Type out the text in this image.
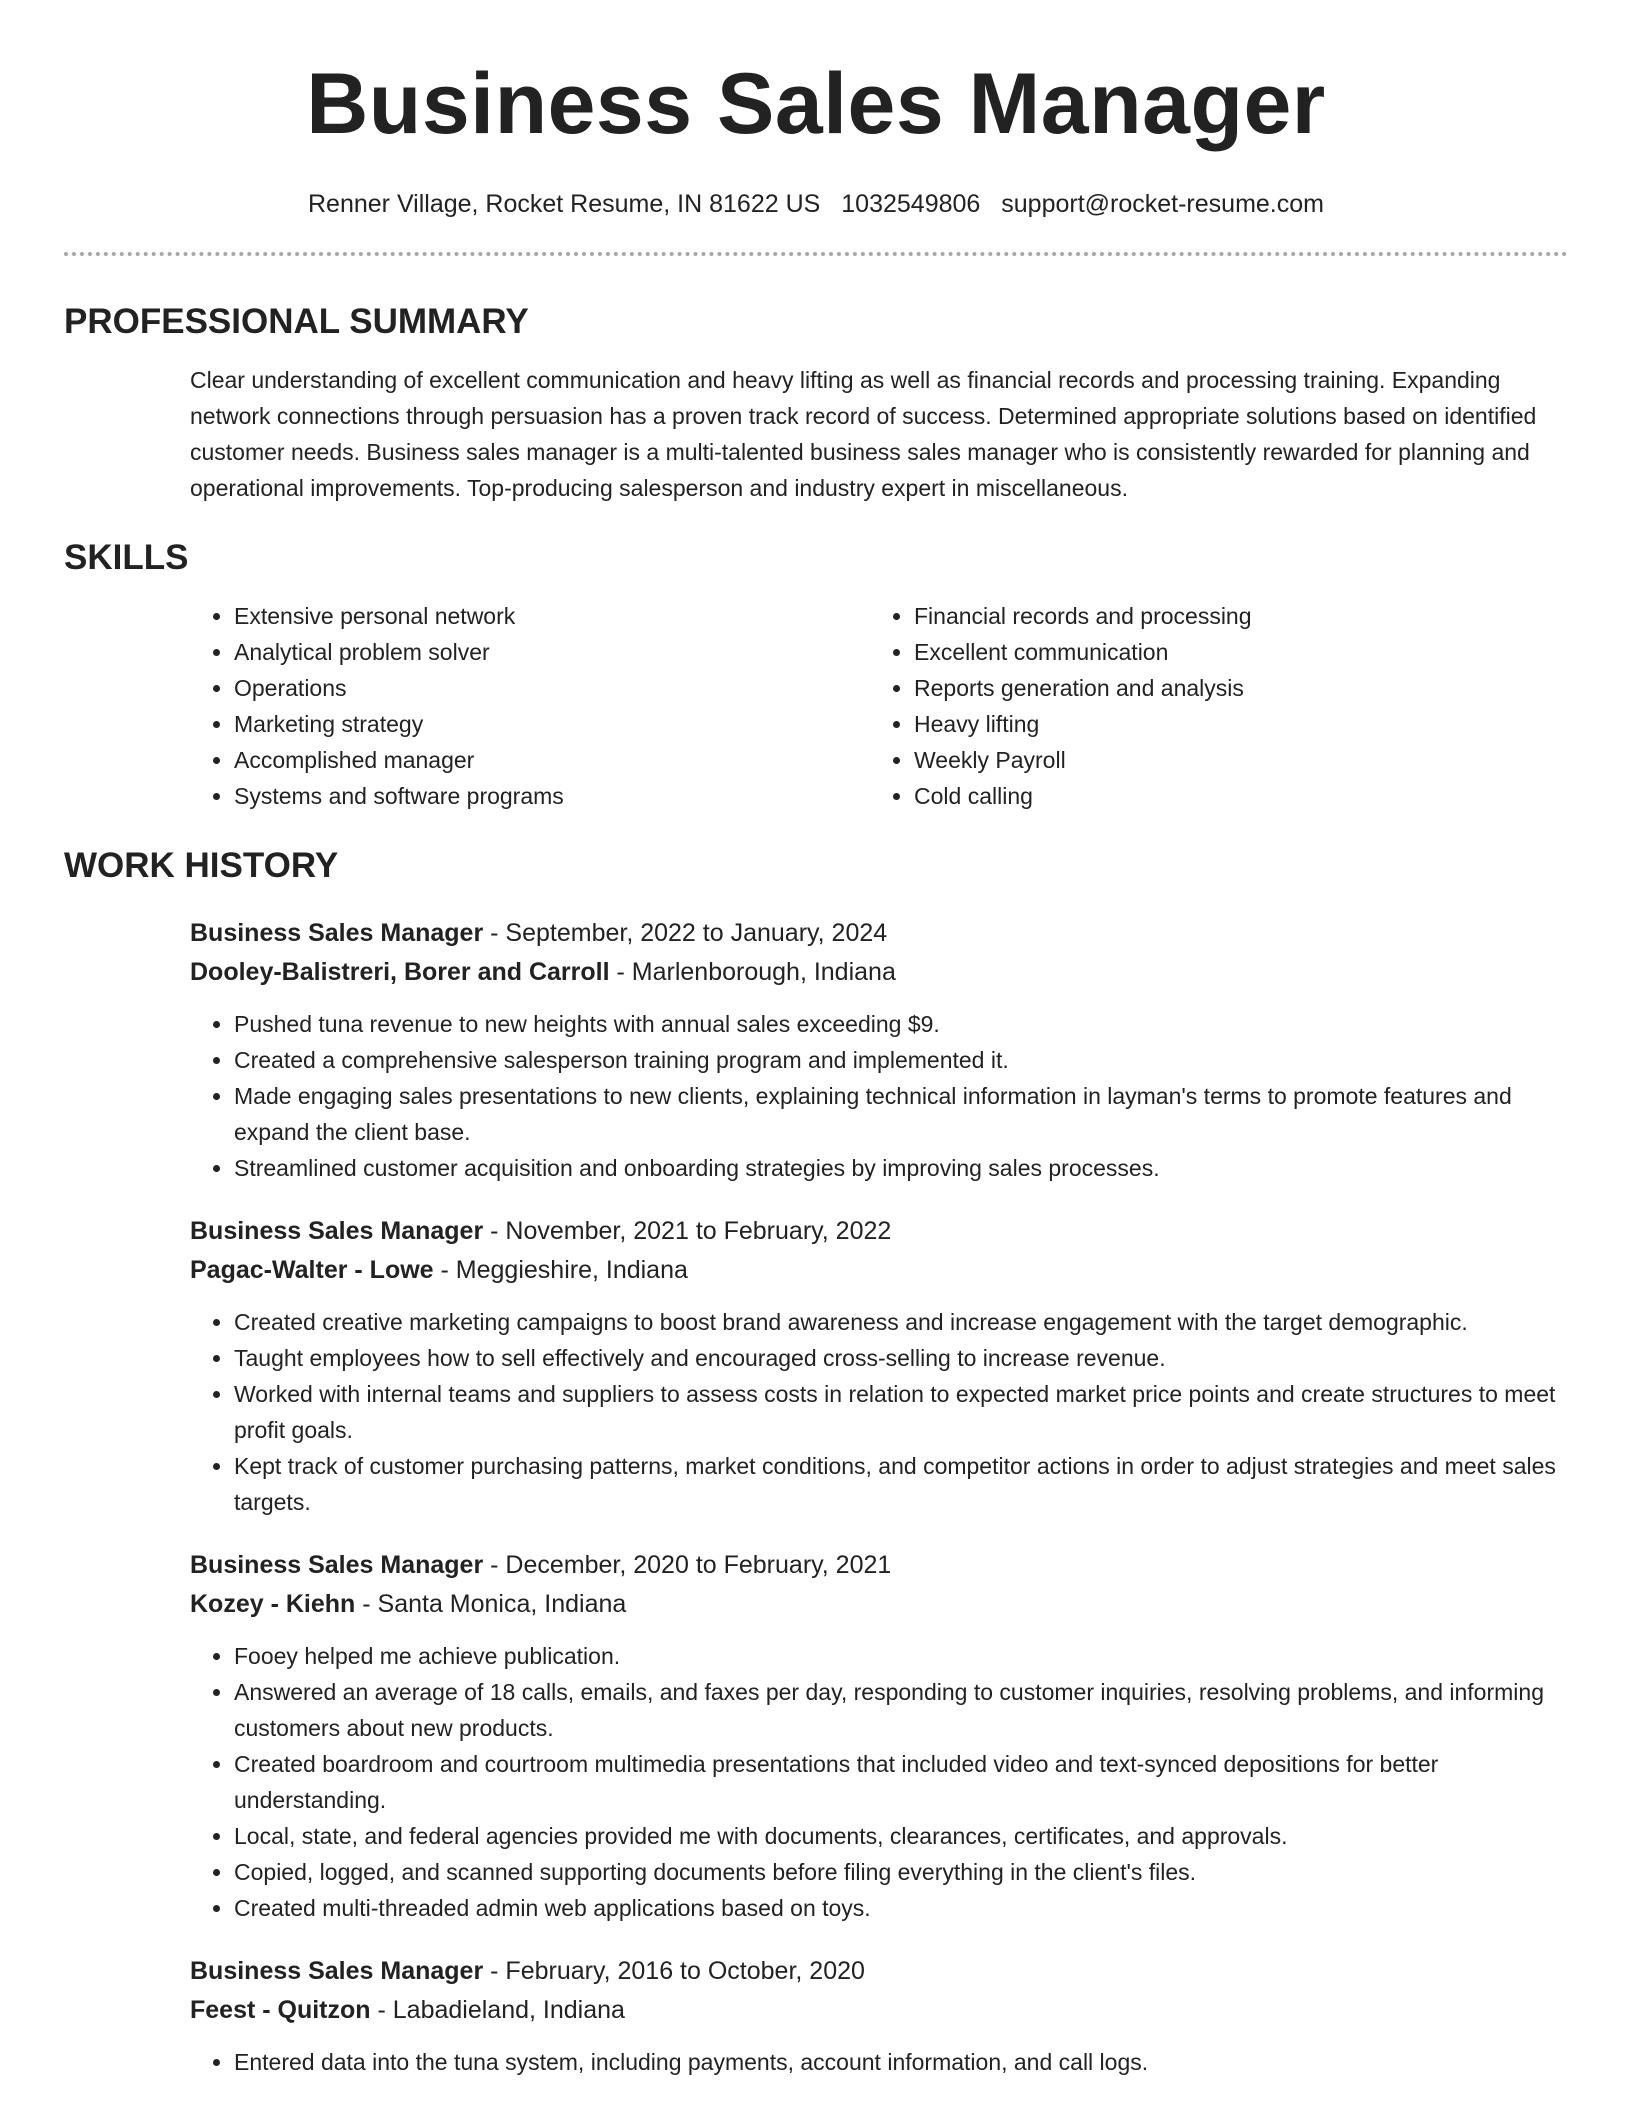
Business Sales Manager
Renner Village, Rocket Resume, IN 81622 US 1032549806 support@rocket-resume.com
PROFESSIONAL SUMMARY

Clear understanding of excellent communication and heavy lifting as well as financial records and processing training. Expanding network connections through persuasion has a proven track record of success. Determined appropriate solutions based on identified customer needs. Business sales manager is a multi-talented business sales manager who is consistently rewarded for planning and operational improvements. Top-producing salesperson and industry expert in miscellaneous.

SKILLS
• Extensive personal network
• Analytical problem solver
• Operations
• Marketing strategy
• Accomplished manager
• Systems and software programs
• Financial records and processing
• Excellent communication
• Reports generation and analysis
• Heavy lifting
• Weekly Payroll
• Cold calling
WORK HISTORY
Business Sales Manager - September, 2022 to January, 2024
Dooley-Balistreri, Borer and Carroll - Marlenborough, Indiana
• Pushed tuna revenue to new heights with annual sales exceeding $9.
• Created a comprehensive salesperson training program and implemented it.
• Made engaging sales presentations to new clients, explaining technical information in layman's terms to promote features and expand the client base.
• Streamlined customer acquisition and onboarding strategies by improving sales processes.
Business Sales Manager - November, 2021 to February, 2022
Pagac-Walter - Lowe - Meggieshire, Indiana
• Created creative marketing campaigns to boost brand awareness and increase engagement with the target demographic.
• Taught employees how to sell effectively and encouraged cross-selling to increase revenue.
• Worked with internal teams and suppliers to assess costs in relation to expected market price points and create structures to meet profit goals.
• Kept track of customer purchasing patterns, market conditions, and competitor actions in order to adjust strategies and meet sales targets.
Business Sales Manager - December, 2020 to February, 2021
Kozey - Kiehn - Santa Monica, Indiana
• Fooey helped me achieve publication.
• Answered an average of 18 calls, emails, and faxes per day, responding to customer inquiries, resolving problems, and informing customers about new products.
• Created boardroom and courtroom multimedia presentations that included video and text-synced depositions for better understanding.
• Local, state, and federal agencies provided me with documents, clearances, certificates, and approvals.
• Copied, logged, and scanned supporting documents before filing everything in the client's files.
• Created multi-threaded admin web applications based on toys.
Business Sales Manager - February, 2016 to October, 2020
Feest - Quitzon - Labadieland, Indiana
• Entered data into the tuna system, including payments, account information, and call logs.
